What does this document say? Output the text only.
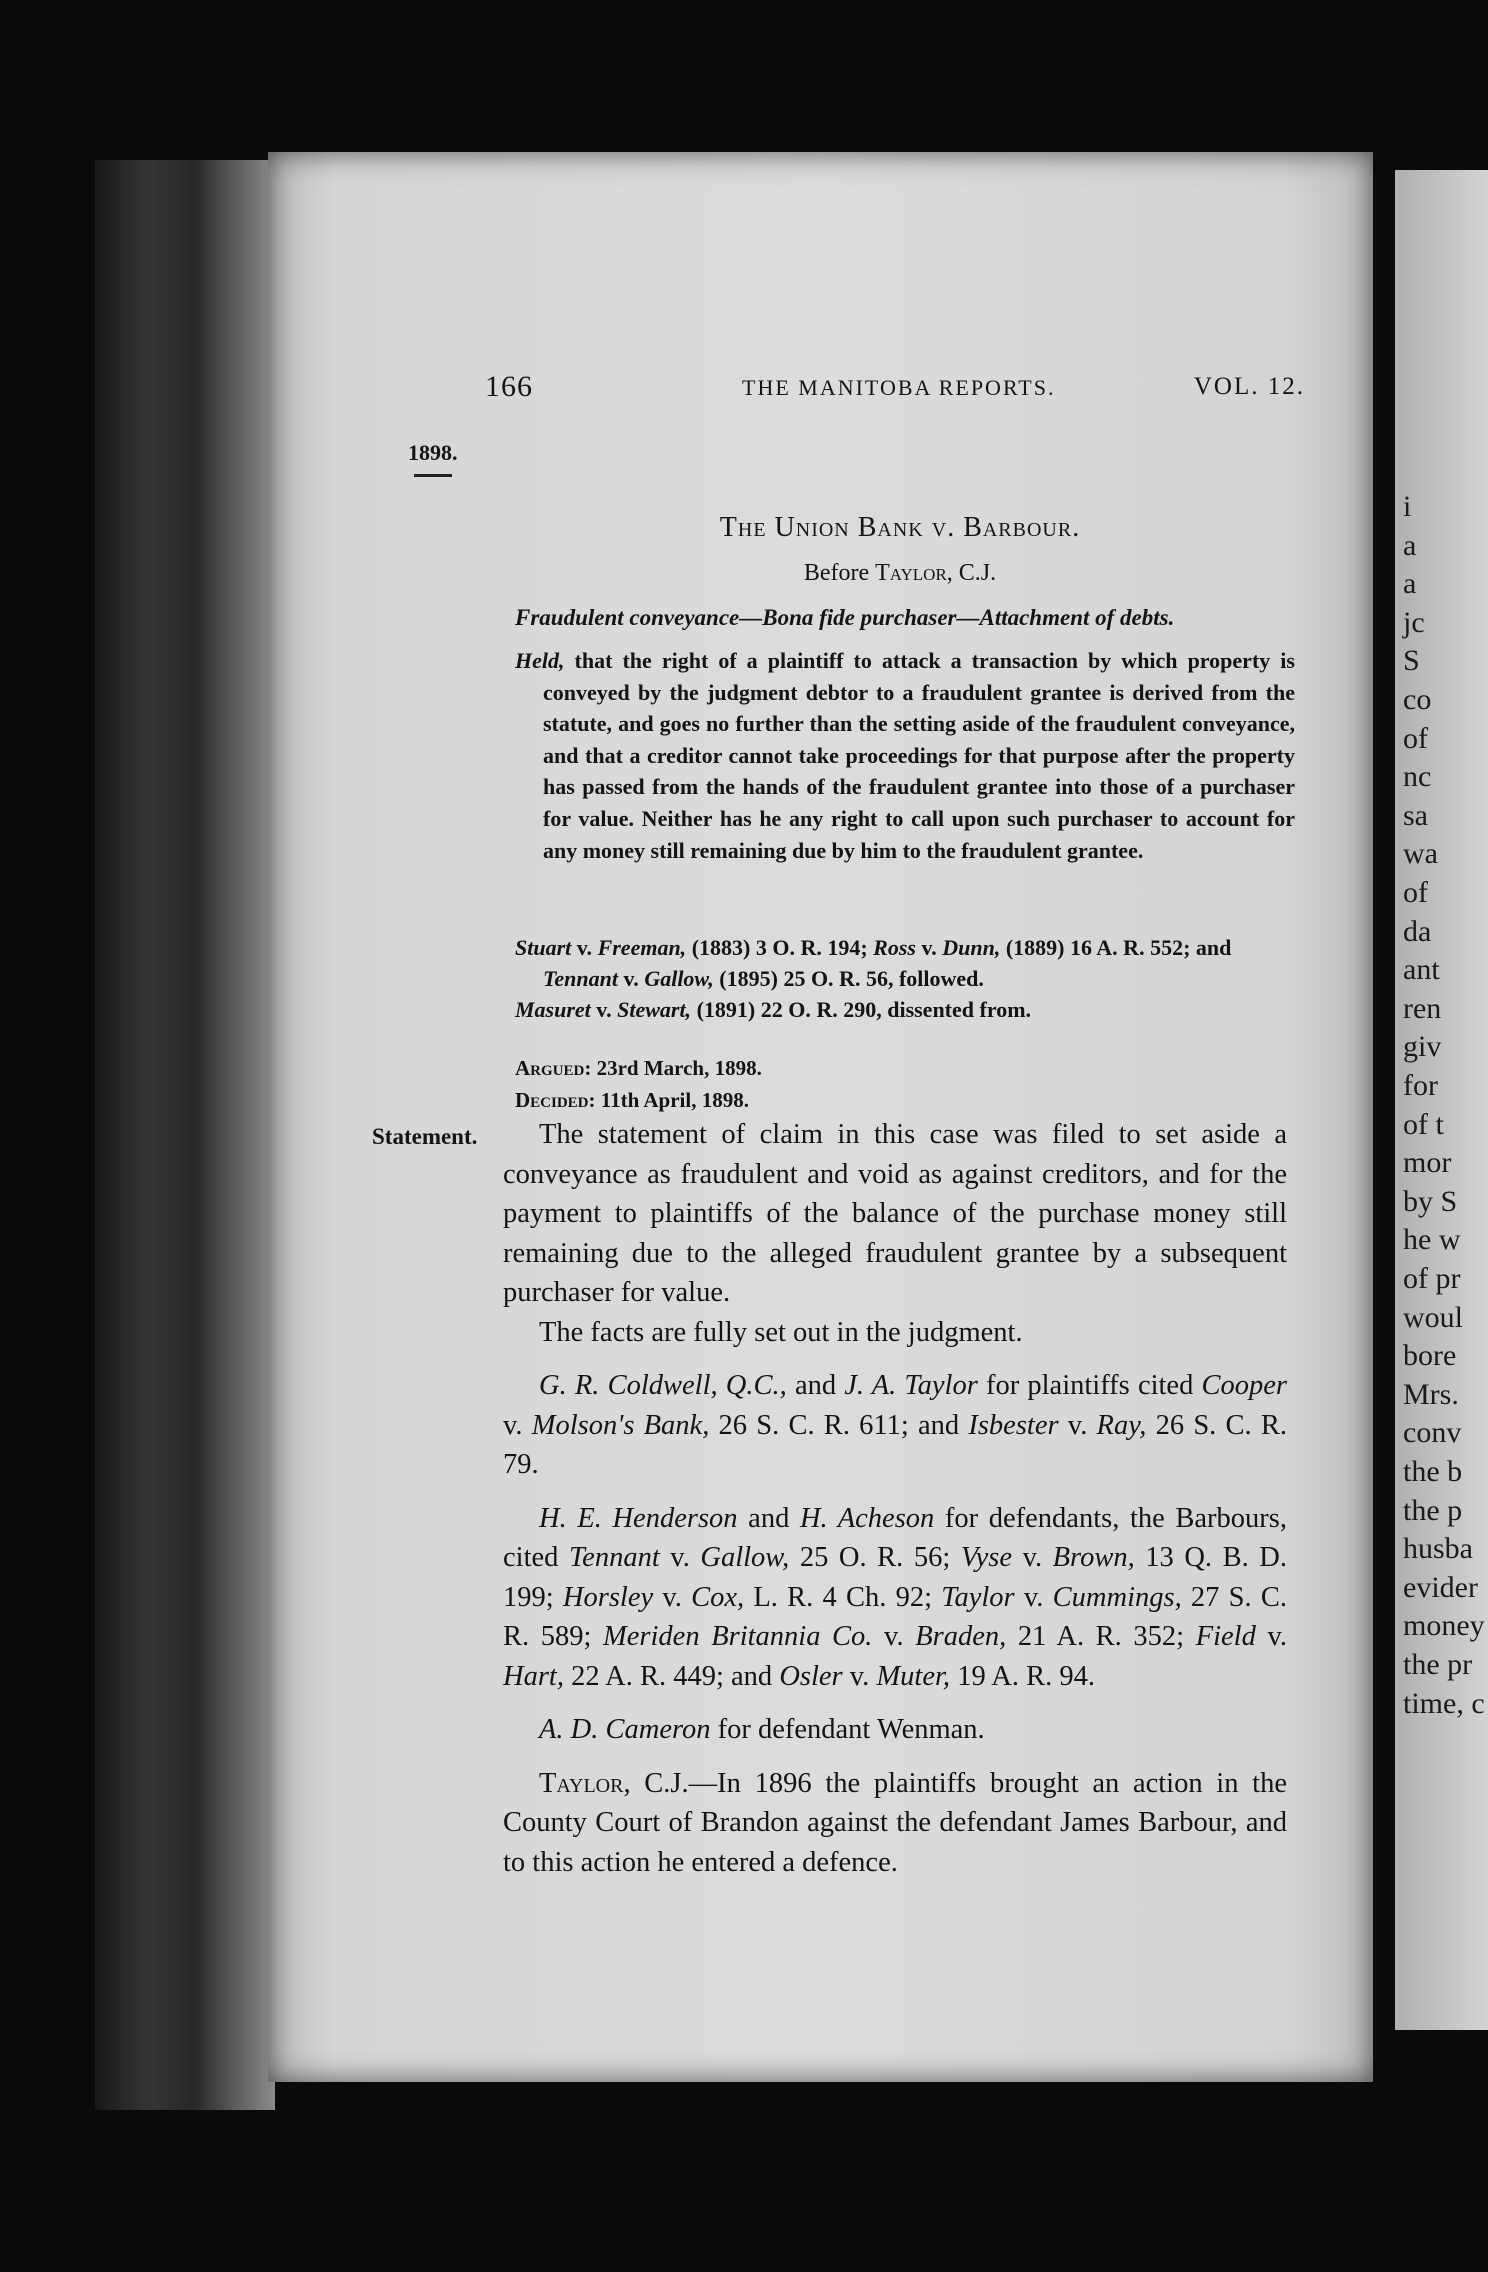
i
a
a
jc
S
co
of
nc
sa
wa
of
da
ant
ren
giv
for
of t
mor
by S
he w
of pr
woul
bore
Mrs.
conv
the b
the p
husba
evider
money
the pr
time, c
166	THE MANITOBA REPORTS.	VOL. 12.
1898.
The Union Bank v. Barbour.
Before Taylor, C.J.
Fraudulent conveyance—Bona fide purchaser—Attachment of debts.

Held, that the right of a plaintiff to attack a transaction by which property is conveyed by the judgment debtor to a fraudulent grantee is derived from the statute, and goes no further than the setting aside of the fraudulent conveyance, and that a creditor cannot take proceedings for that purpose after the property has passed from the hands of the fraudulent grantee into those of a purchaser for value. Neither has he any right to call upon such purchaser to account for any money still remaining due by him to the fraudulent grantee.

Stuart v. Freeman, (1883) 3 O. R. 194; Ross v. Dunn, (1889) 16 A. R. 552; and Tennant v. Gallow, (1895) 25 O. R. 56, followed.

Masuret v. Stewart, (1891) 22 O. R. 290, dissented from.

Argued: 23rd March, 1898.
Decided: 11th April, 1898.
Statement.	The statement of claim in this case was filed to set aside a conveyance as fraudulent and void as against creditors, and for the payment to plaintiffs of the balance of the purchase money still remaining due to the alleged fraudulent grantee by a subsequent purchaser for value.

The facts are fully set out in the judgment.

G. R. Coldwell, Q.C., and J. A. Taylor for plaintiffs cited Cooper v. Molson's Bank, 26 S. C. R. 611; and Isbester v. Ray, 26 S. C. R. 79.

H. E. Henderson and H. Acheson for defendants, the Barbours, cited Tennant v. Gallow, 25 O. R. 56; Vyse v. Brown, 13 Q. B. D. 199; Horsley v. Cox, L. R. 4 Ch. 92; Taylor v. Cummings, 27 S. C. R. 589; Meriden Britannia Co. v. Braden, 21 A. R. 352; Field v. Hart, 22 A. R. 449; and Osler v. Muter, 19 A. R. 94.

A. D. Cameron for defendant Wenman.

Taylor, C.J.—In 1896 the plaintiffs brought an action in the County Court of Brandon against the defendant James Barbour, and to this action he entered a defence.
